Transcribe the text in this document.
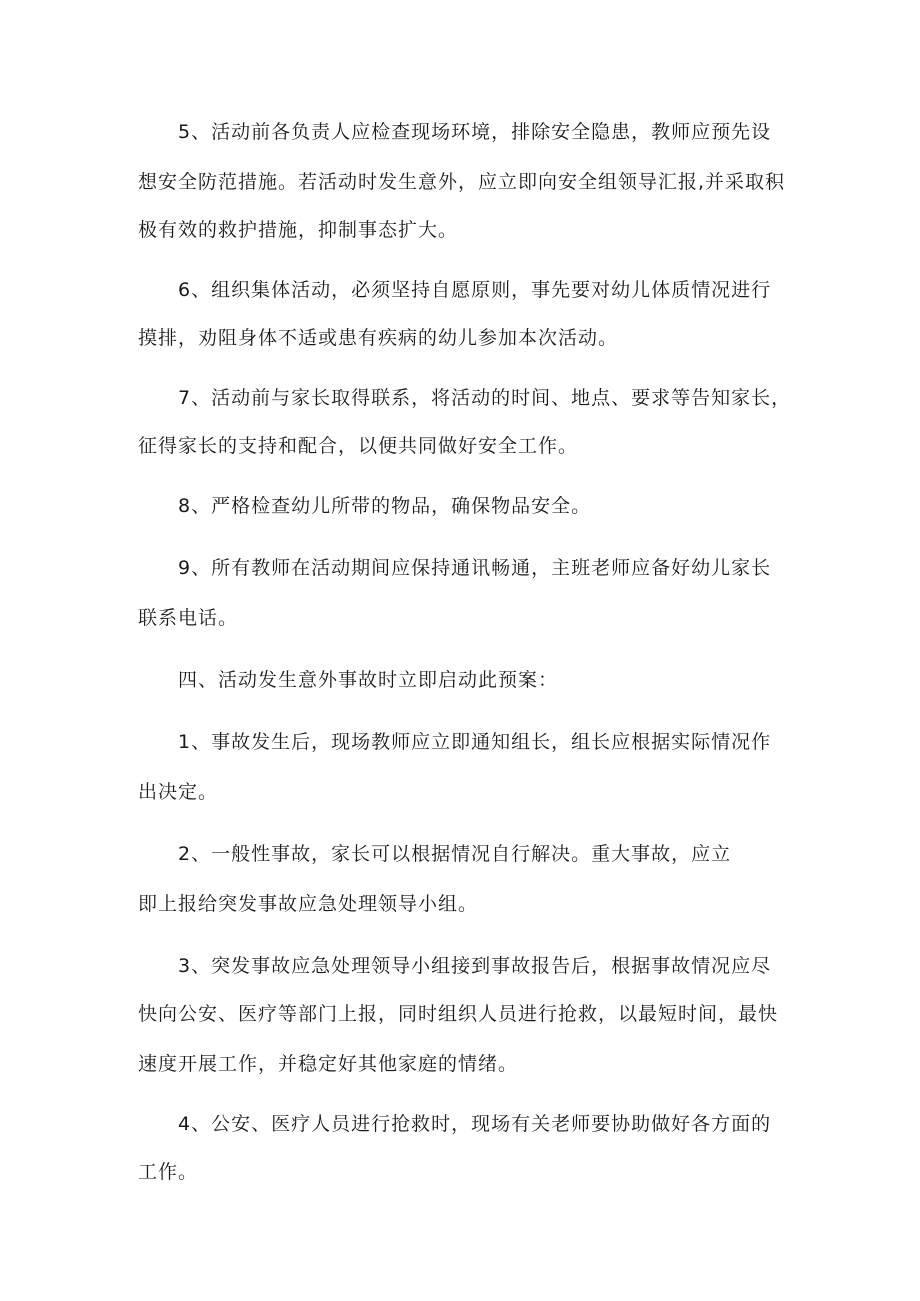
5、活动前各负责人应检查现场环境，排除安全隐患，教师应预先设
想安全防范措施。若活动时发生意外，应立即向安全组领导汇报,并采取积
极有效的救护措施，抑制事态扩大。
6、组织集体活动，必须坚持自愿原则，事先要对幼儿体质情况进行
摸排，劝阻身体不适或患有疾病的幼儿参加本次活动。
7、活动前与家长取得联系，将活动的时间、地点、要求等告知家长，
征得家长的支持和配合，以便共同做好安全工作。
8、严格检查幼儿所带的物品，确保物品安全。
9、所有教师在活动期间应保持通讯畅通，主班老师应备好幼儿家长
联系电话。
四、活动发生意外事故时立即启动此预案：
1、事故发生后，现场教师应立即通知组长，组长应根据实际情况作
出决定。
2、一般性事故，家长可以根据情况自行解决。重大事故，应立
即上报给突发事故应急处理领导小组。
3、突发事故应急处理领导小组接到事故报告后，根据事故情况应尽
快向公安、医疗等部门上报，同时组织人员进行抢救，以最短时间，最快
速度开展工作，并稳定好其他家庭的情绪。
4、公安、医疗人员进行抢救时，现场有关老师要协助做好各方面的
工作。
